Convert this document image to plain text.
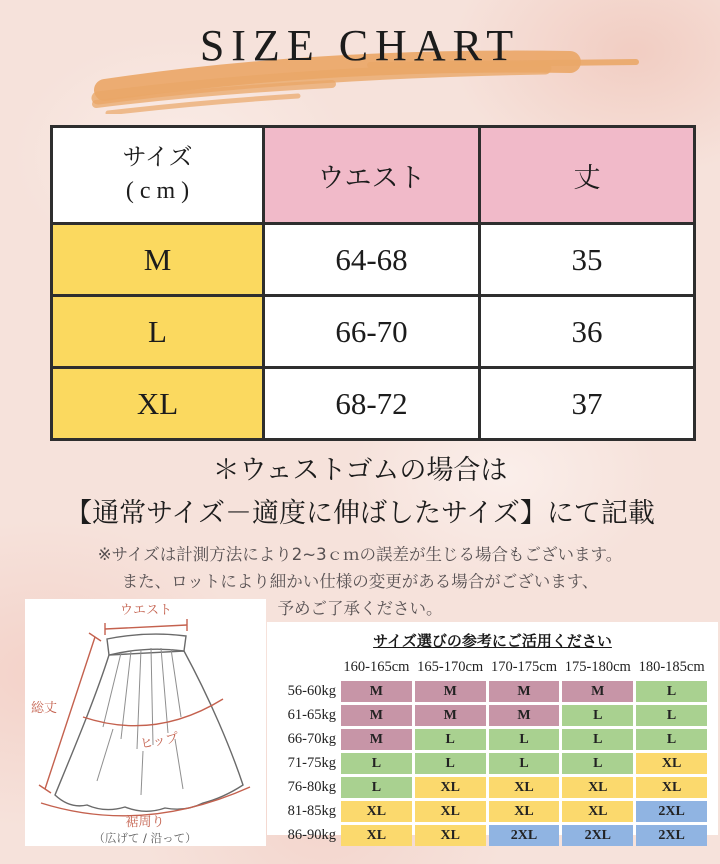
SIZE CHART
サイズ
( c m )	ウエスト	丈
M	64-68	35
L	66-70	36
XL	68-72	37
＊ウェストゴムの場合は
【通常サイズ－適度に伸ばしたサイズ】にて記載
※サイズは計測方法により2~3ｃｍの誤差が生じる場合もございます。
また、ロットにより細かい仕様の変更がある場合がございます、
予めご了承ください。
ウエスト
総丈
ヒップ
裾周り
（広げて / 沿って）
サイズ選びの参考にご活用ください
	160-165cm	165-170cm	170-175cm	175-180cm	180-185cm
56-60kg	M	M	M	M	L
61-65kg	M	M	M	L	L
66-70kg	M	L	L	L	L
71-75kg	L	L	L	L	XL
76-80kg	L	XL	XL	XL	XL
81-85kg	XL	XL	XL	XL	2XL
86-90kg	XL	XL	2XL	2XL	2XL
